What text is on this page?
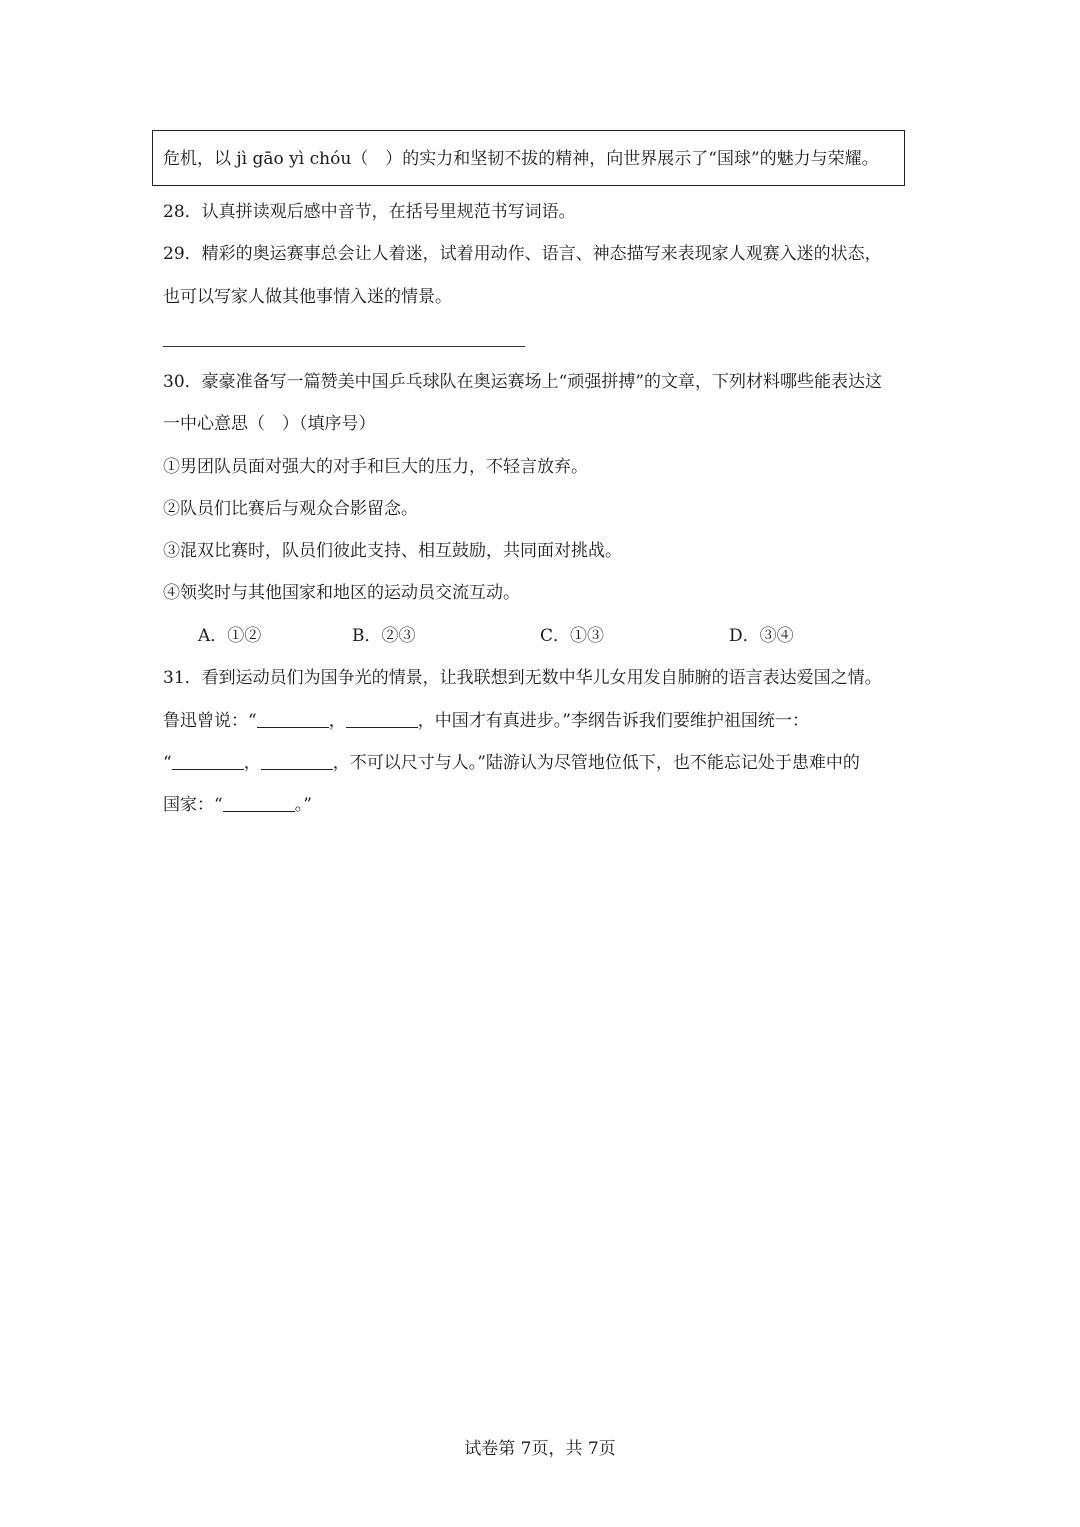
危机，以 jì gāo yì chóu（　）的实力和坚韧不拔的精神，向世界展示了“国球”的魅力与荣耀。
28．认真拼读观后感中音节，在括号里规范书写词语。
29．精彩的奥运赛事总会让人着迷，试着用动作、语言、神态描写来表现家人观赛入迷的状态，
也可以写家人做其他事情入迷的情景。
30．豪豪准备写一篇赞美中国乒乓球队在奥运赛场上“顽强拼搏”的文章，下列材料哪些能表达这
一中心意思（　）（填序号）
①男团队员面对强大的对手和巨大的压力，不轻言放弃。
②队员们比赛后与观众合影留念。
③混双比赛时，队员们彼此支持、相互鼓励，共同面对挑战。
④领奖时与其他国家和地区的运动员交流互动。
A．①②	B．②③	C．①③	D．③④
31．看到运动员们为国争光的情景，让我联想到无数中华儿女用发自肺腑的语言表达爱国之情。
鲁迅曾说：“	，	，中国才有真进步。”李纲告诉我们要维护祖国统一：
“	，	，不可以尺寸与人。”陆游认为尽管地位低下，也不能忘记处于患难中的
国家：“	。”
试卷第 7页，共 7页
